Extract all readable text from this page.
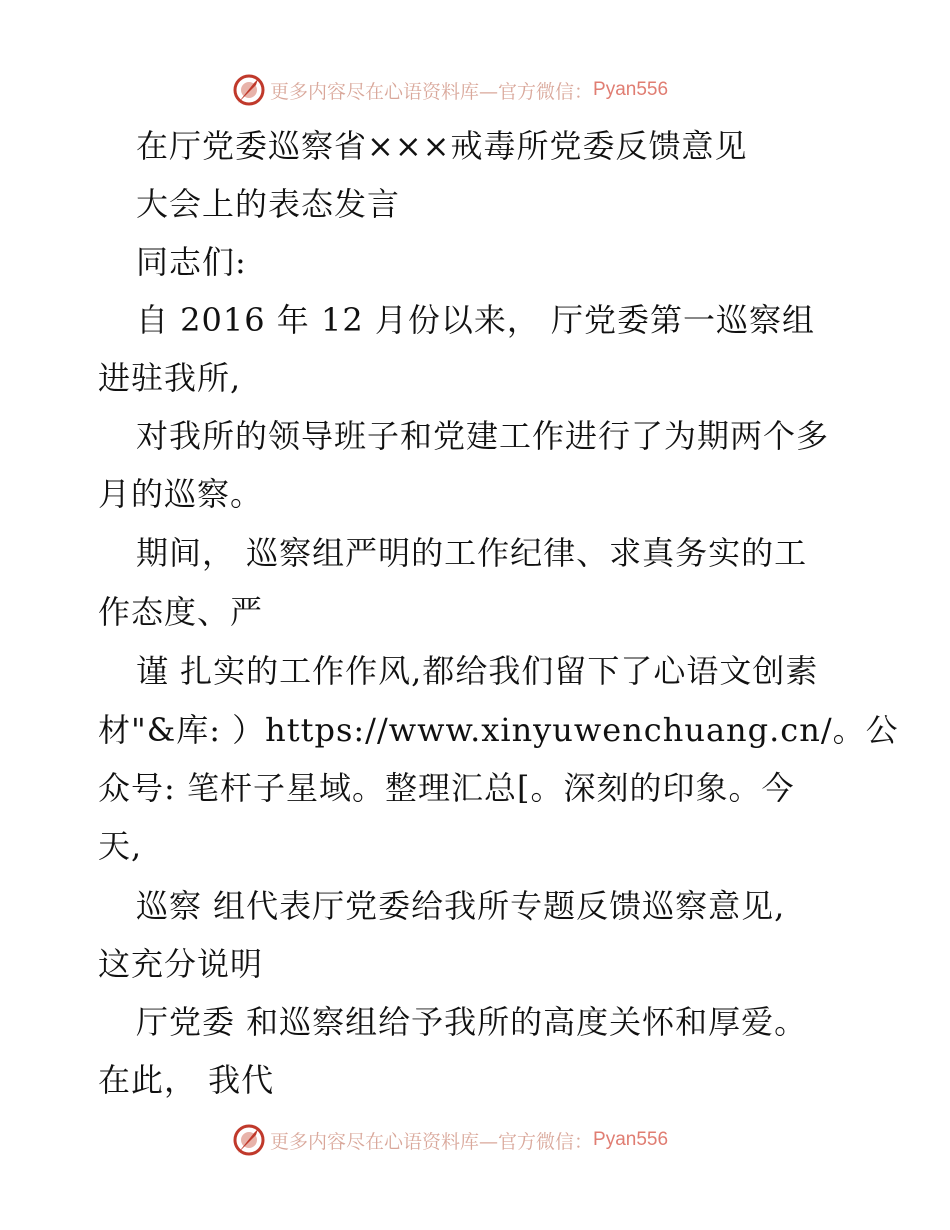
更多内容尽在心语资料库—官方微信： Pyan556
在厅党委巡察省×××戒毒所党委反馈意见
大会上的表态发言
同志们:
自 2016 年 12 月份以来， 厅党委第一巡察组
进驻我所,
对我所的领导班子和党建工作进行了为期两个多
月的巡察。
期间， 巡察组严明的工作纪律、求真务实的工
作态度、严
谨 扎实的工作作风,都给我们留下了心语文创素
材"&库: ）https://www.xinyuwenchuang.cn/。公
众号: 笔杆子星域。整理汇总[。深刻的印象。今
天,
巡察 组代表厅党委给我所专题反馈巡察意见,
这充分说明
厅党委 和巡察组给予我所的高度关怀和厚爱。
在此， 我代
更多内容尽在心语资料库—官方微信： Pyan556
